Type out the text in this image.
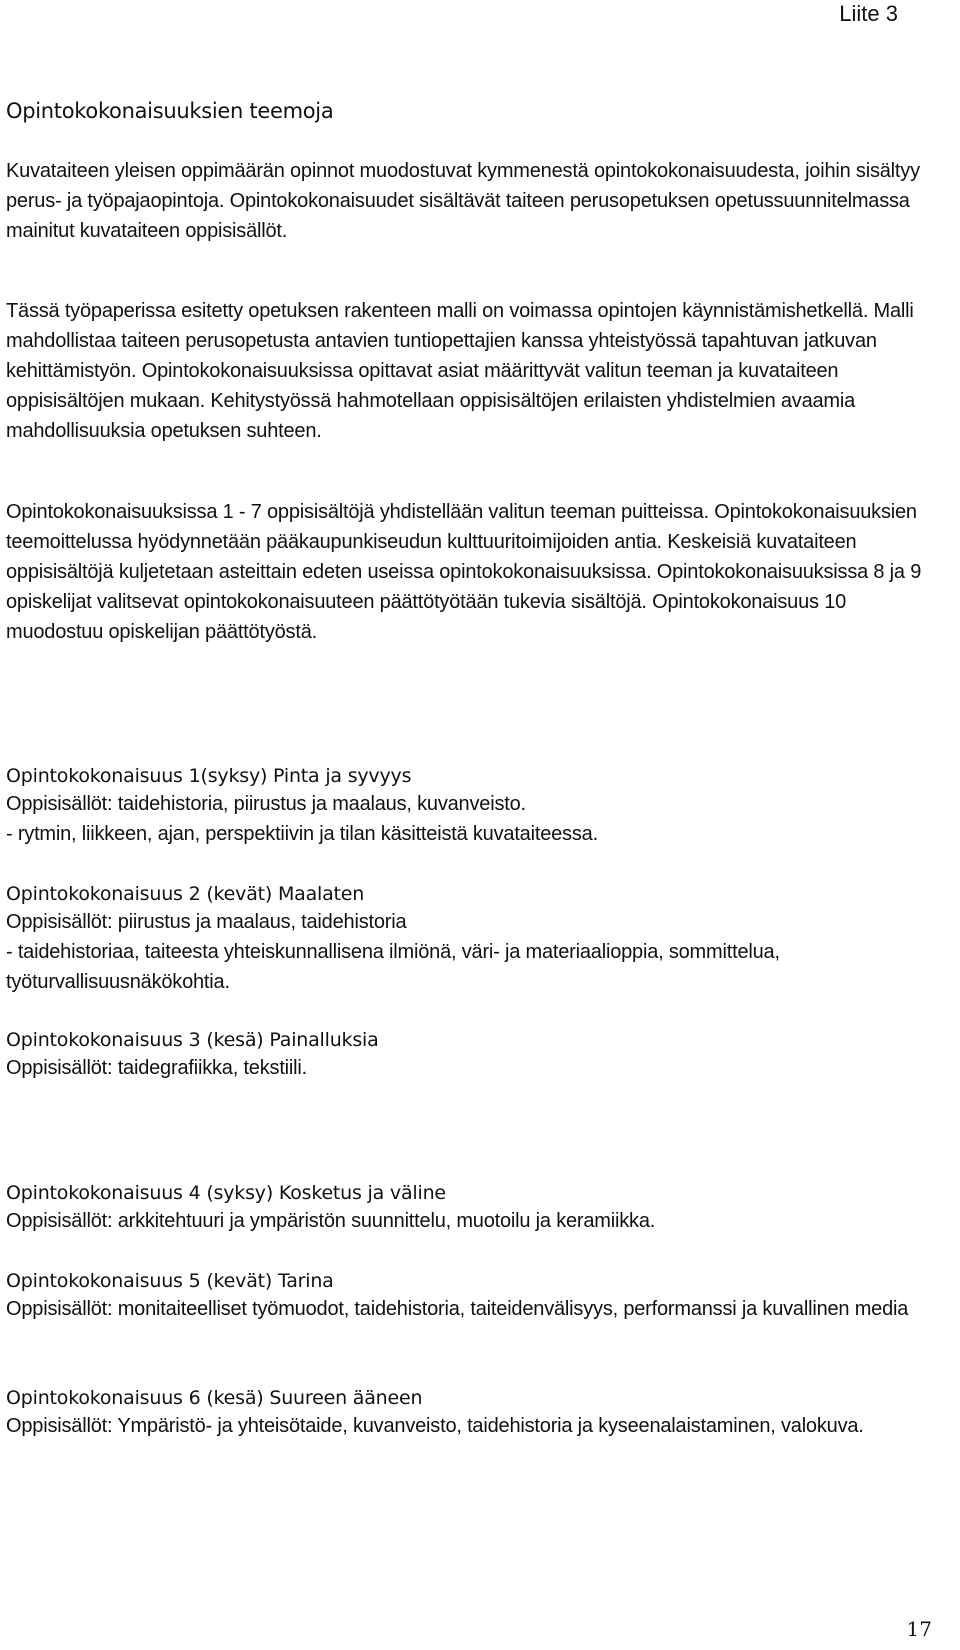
Liite 3
Opintokokonaisuuksien teemoja

Kuvataiteen yleisen oppimäärän opinnot muodostuvat kymmenestä opintokokonaisuudesta, joihin sisältyy perus- ja työpajaopintoja. Opintokokonaisuudet sisältävät taiteen perusopetuksen opetussuunnitelmassa mainitut kuvataiteen oppisisällöt.

Tässä työpaperissa esitetty opetuksen rakenteen malli on voimassa opintojen käynnistämishetkellä. Malli mahdollistaa taiteen perusopetusta antavien tuntiopettajien kanssa yhteistyössä tapahtuvan jatkuvan kehittämistyön. Opintokokonaisuuksissa opittavat asiat määrittyvät valitun teeman ja kuvataiteen oppisisältöjen mukaan. Kehitystyössä hahmotellaan oppisisältöjen erilaisten yhdistelmien avaamia mahdollisuuksia opetuksen suhteen.

Opintokokonaisuuksissa 1 - 7 oppisisältöjä yhdistellään valitun teeman puitteissa. Opintokokonaisuuksien teemoittelussa hyödynnetään pääkaupunkiseudun kulttuuritoimijoiden antia. Keskeisiä kuvataiteen oppisisältöjä kuljetetaan asteittain edeten useissa opintokokonaisuuksissa. Opintokokonaisuuksissa 8 ja 9 opiskelijat valitsevat opintokokonaisuuteen päättötyötään tukevia sisältöjä. Opintokokonaisuus 10 muodostuu opiskelijan päättötyöstä.

Opintokokonaisuus 1(syksy) Pinta ja syvyys

Oppisisällöt: taidehistoria, piirustus ja maalaus, kuvanveisto.

- rytmin, liikkeen, ajan, perspektiivin ja tilan käsitteistä kuvataiteessa.

Opintokokonaisuus 2 (kevät) Maalaten

Oppisisällöt: piirustus ja maalaus, taidehistoria

- taidehistoriaa, taiteesta yhteiskunnallisena ilmiönä, väri- ja materiaalioppia, sommittelua, työturvallisuusnäkökohtia.

Opintokokonaisuus 3 (kesä) Painalluksia

Oppisisällöt: taidegrafiikka, tekstiili.

Opintokokonaisuus 4 (syksy) Kosketus ja väline

Oppisisällöt: arkkitehtuuri ja ympäristön suunnittelu, muotoilu ja keramiikka.

Opintokokonaisuus 5 (kevät) Tarina

Oppisisällöt: monitaiteelliset työmuodot, taidehistoria, taiteidenvälisyys, performanssi ja kuvallinen media

Opintokokonaisuus 6 (kesä) Suureen ääneen

Oppisisällöt: Ympäristö- ja yhteisötaide, kuvanveisto, taidehistoria ja kyseenalaistaminen, valokuva.

17
